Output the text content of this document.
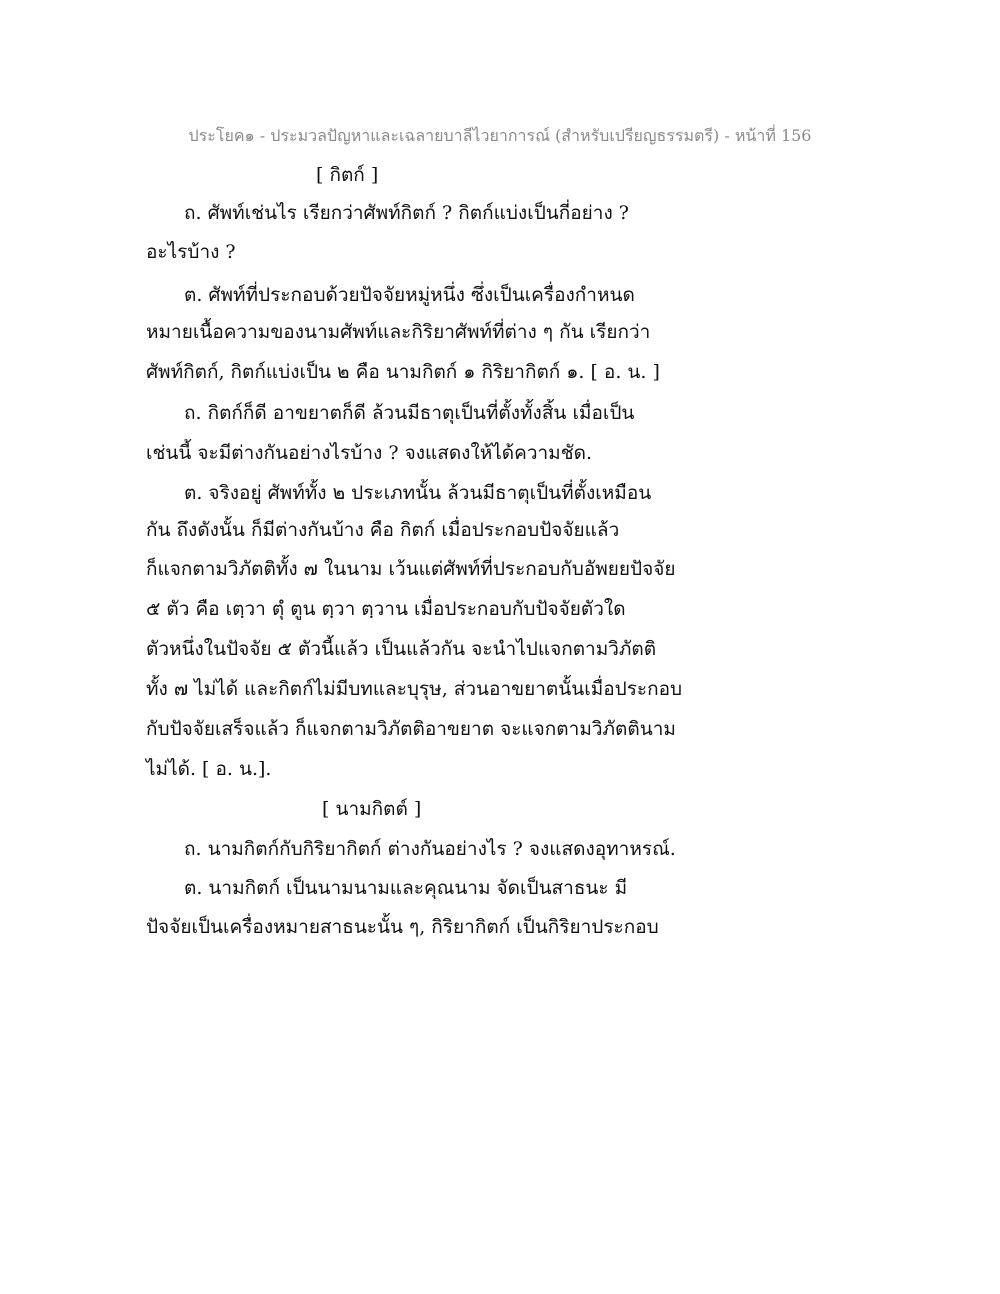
ประโยค๑ - ประมวลปัญหาและเฉลายบาลีไวยาการณ์ (สำหรับเปรียญธรรมตรี) - หน้าที่ 156
[ กิตก์ ]
ถ. ศัพท์เช่นไร เรียกว่าศัพท์กิตก์ ? กิตก์แบ่งเป็นกี่อย่าง ?
อะไรบ้าง ?
ต. ศัพท์ที่ประกอบด้วยปัจจัยหมู่หนึ่ง ซึ่งเป็นเครื่องกำหนด
หมายเนื้อความของนามศัพท์และกิริยาศัพท์ที่ต่าง ๆ กัน เรียกว่า
ศัพท์กิตก์, กิตก์แบ่งเป็น ๒ คือ นามกิตก์ ๑ กิริยากิตก์ ๑. [ อ. น. ]
ถ. กิตก์ก็ดี อาขยาตก็ดี ล้วนมีธาตุเป็นที่ตั้งทั้งสิ้น เมื่อเป็น
เช่นนี้ จะมีต่างกันอย่างไรบ้าง ? จงแสดงให้ได้ความชัด.
ต. จริงอยู่ ศัพท์ทั้ง ๒ ประเภทนั้น ล้วนมีธาตุเป็นที่ตั้งเหมือน
กัน ถึงดังนั้น ก็มีต่างกันบ้าง คือ กิตก์ เมื่อประกอบปัจจัยแล้ว
ก็แจกตามวิภัตติทั้ง ๗ ในนาม เว้นแต่ศัพท์ที่ประกอบกับอัพยยปัจจัย
๕ ตัว คือ เตฺวา ตุํ ตูน ตฺวา ตฺวาน เมื่อประกอบกับปัจจัยตัวใด
ตัวหนึ่งในปัจจัย ๕ ตัวนี้แล้ว เป็นแล้วกัน จะนำไปแจกตามวิภัตติ
ทั้ง ๗ ไม่ได้ และกิตก์ไม่มีบทและบุรุษ, ส่วนอาขยาตนั้นเมื่อประกอบ
กับปัจจัยเสร็จแล้ว ก็แจกตามวิภัตติอาขยาต จะแจกตามวิภัตตินาม
ไม่ได้. [ อ. น.].
[ นามกิตต์ ]
ถ. นามกิตก์กับกิริยากิตก์ ต่างกันอย่างไร ? จงแสดงอุทาหรณ์.
ต. นามกิตก์ เป็นนามนามและคุณนาม จัดเป็นสาธนะ มี
ปัจจัยเป็นเครื่องหมายสาธนะนั้น ๆ, กิริยากิตก์ เป็นกิริยาประกอบ
